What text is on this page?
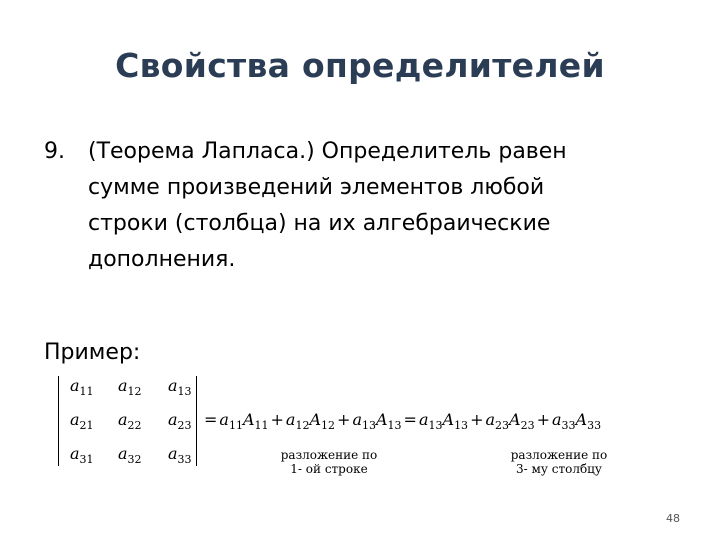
Свойства определителей
9. (Теорема Лапласа.) Определитель равен
сумме произведений элементов любой
строки (столбца) на их алгебраические
дополнения.
Пример:
$a_{11}$ $a_{12}$ $a_{13}$
$a_{21}$ $a_{22}$ $a_{23}$
$a_{31}$ $a_{32}$ $a_{33}$
= $a_{11}A_{11} + a_{12}A_{12} + a_{13}A_{13} = a_{13}A_{13} + a_{23}A_{23} + a_{33}A_{33}$
разложение по
1- ой строке
разложение по
3- му столбцу
48
